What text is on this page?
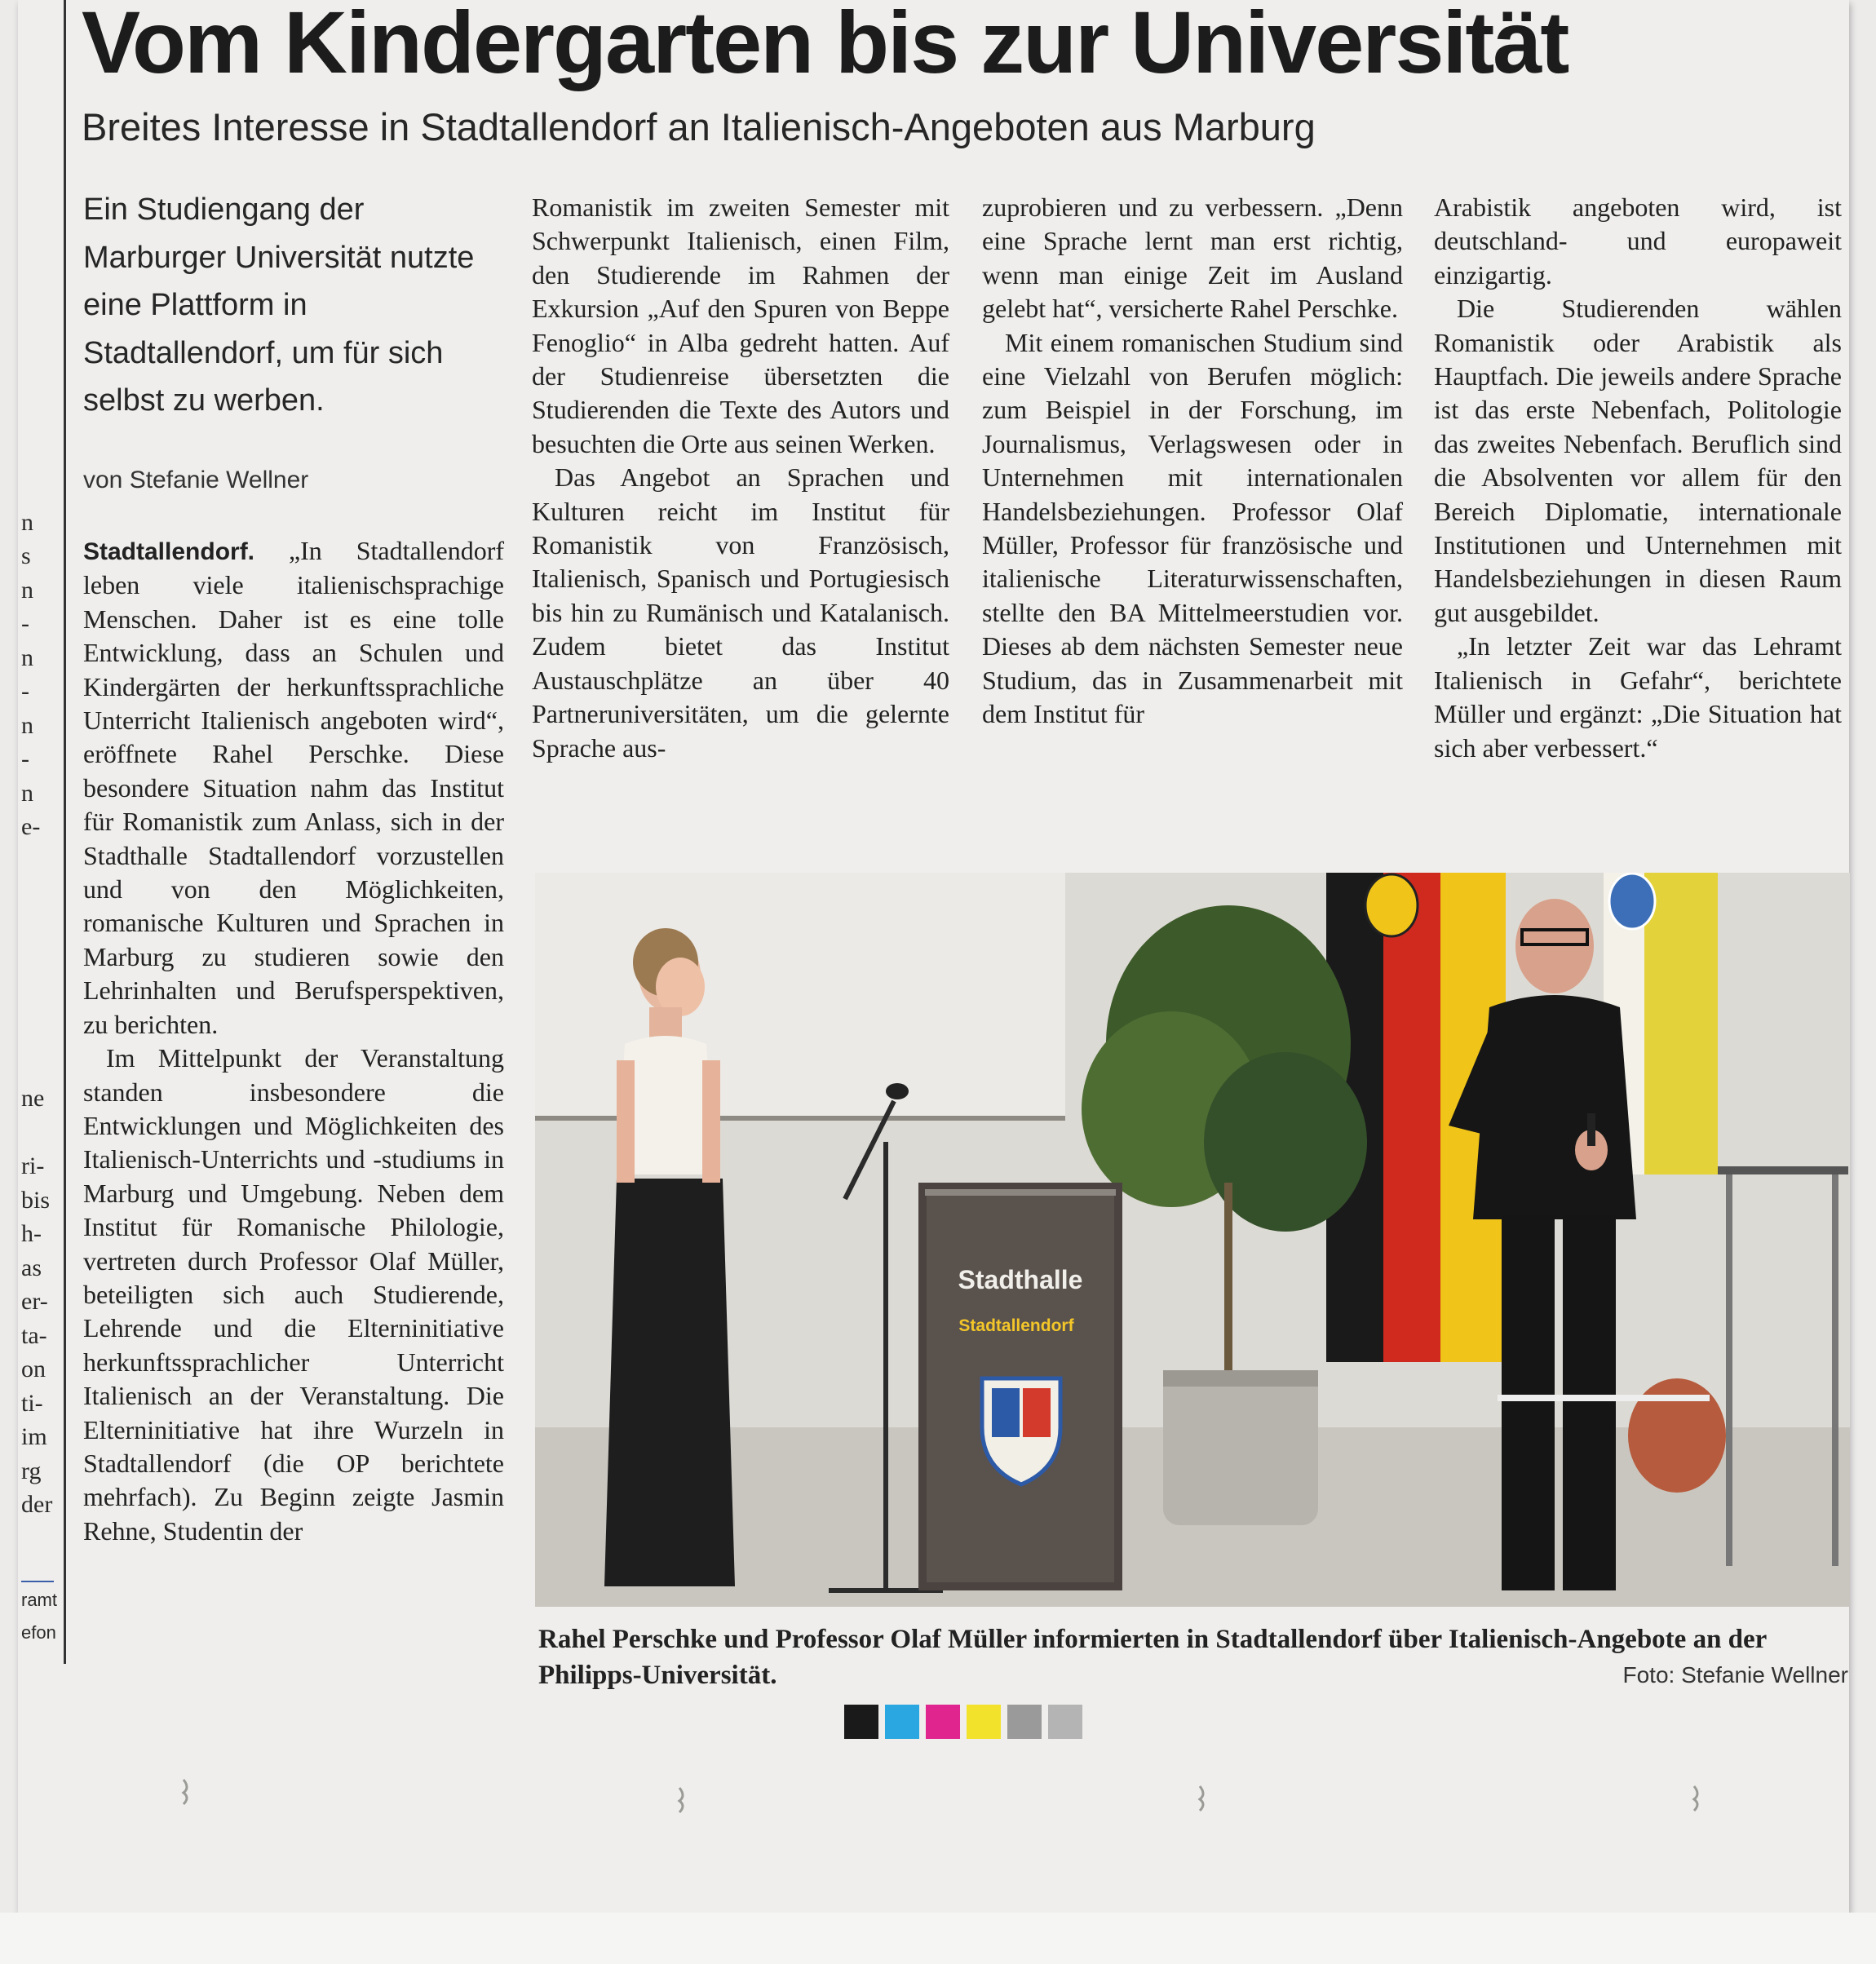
n
s
n
-
n
-
n
-
n
e-
ne
ri-
bis
h-
as
er-
ta-
on
ti-
im
rg
der
ramt
efon
Vom Kindergarten bis zur Universität
Breites Interesse in Stadtallendorf an Italienisch-Angeboten aus Marburg
Ein Studiengang der Marburger Universität nutzte eine Plattform in Stadtallendorf, um für sich selbst zu werben.
von Stefanie Wellner

Stadtallendorf. „In Stadtallendorf leben viele italienischsprachige Menschen. Daher ist es eine tolle Entwicklung, dass an Schulen und Kindergärten der herkunftssprachliche Unterricht Italienisch angeboten wird“, eröffnete Rahel Perschke. Diese besondere Situation nahm das Institut für Romanistik zum Anlass, sich in der Stadthalle Stadtallendorf vorzustellen und von den Möglichkeiten, romanische Kulturen und Sprachen in Marburg zu studieren sowie den Lehrinhalten und Berufsperspektiven, zu berichten.

Im Mittelpunkt der Veranstaltung standen insbesondere die Entwicklungen und Möglichkeiten des Italienisch-Unterrichts und -studiums in Marburg und Umgebung. Neben dem Institut für Romanische Philologie, vertreten durch Professor Olaf Müller, beteiligten sich auch Studierende, Lehrende und die Elterninitiative herkunftssprachlicher Unterricht Italienisch an der Veranstaltung. Die Elterninitiative hat ihre Wurzeln in Stadtallendorf (die OP berichtete mehrfach). Zu Beginn zeigte Jasmin Rehne, Studentin der

Romanistik im zweiten Semester mit Schwerpunkt Italienisch, einen Film, den Studierende im Rahmen der Exkursion „Auf den Spuren von Beppe Fenoglio“ in Alba gedreht hatten. Auf der Studienreise übersetzten die Studierenden die Texte des Autors und besuchten die Orte aus seinen Werken.

Das Angebot an Sprachen und Kulturen reicht im Institut für Romanistik von Französisch, Italienisch, Spanisch und Portugiesisch bis hin zu Rumänisch und Katalanisch. Zudem bietet das Institut Austauschplätze an über 40 Partneruniversitäten, um die gelernte Sprache aus-

zuprobieren und zu verbessern. „Denn eine Sprache lernt man erst richtig, wenn man einige Zeit im Ausland gelebt hat“, versicherte Rahel Perschke.

Mit einem romanischen Studium sind eine Vielzahl von Berufen möglich: zum Beispiel in der Forschung, im Journalismus, Verlagswesen oder in Unternehmen mit internationalen Handelsbeziehungen. Professor Olaf Müller, Professor für französische und italienische Literaturwissenschaften, stellte den BA Mittelmeerstudien vor. Dieses ab dem nächsten Semester neue Studium, das in Zusammenarbeit mit dem Institut für

Arabistik angeboten wird, ist deutschland- und europaweit einzigartig.

Die Studierenden wählen Romanistik oder Arabistik als Hauptfach. Die jeweils andere Sprache ist das erste Nebenfach, Politologie das zweites Nebenfach. Beruflich sind die Absolventen vor allem für den Bereich Diplomatie, internationale Institutionen und Unternehmen mit Handelsbeziehungen in diesen Raum gut ausgebildet.

„In letzter Zeit war das Lehramt Italienisch in Gefahr“, berichtete Müller und ergänzt: „Die Situation hat sich aber verbessert.“

Stadthalle
Stadtallendorf
Rahel Perschke und Professor Olaf Müller informierten in Stadtallendorf über Italienisch-Angebote an der Philipps-Universität.	Foto: Stefanie Wellner
